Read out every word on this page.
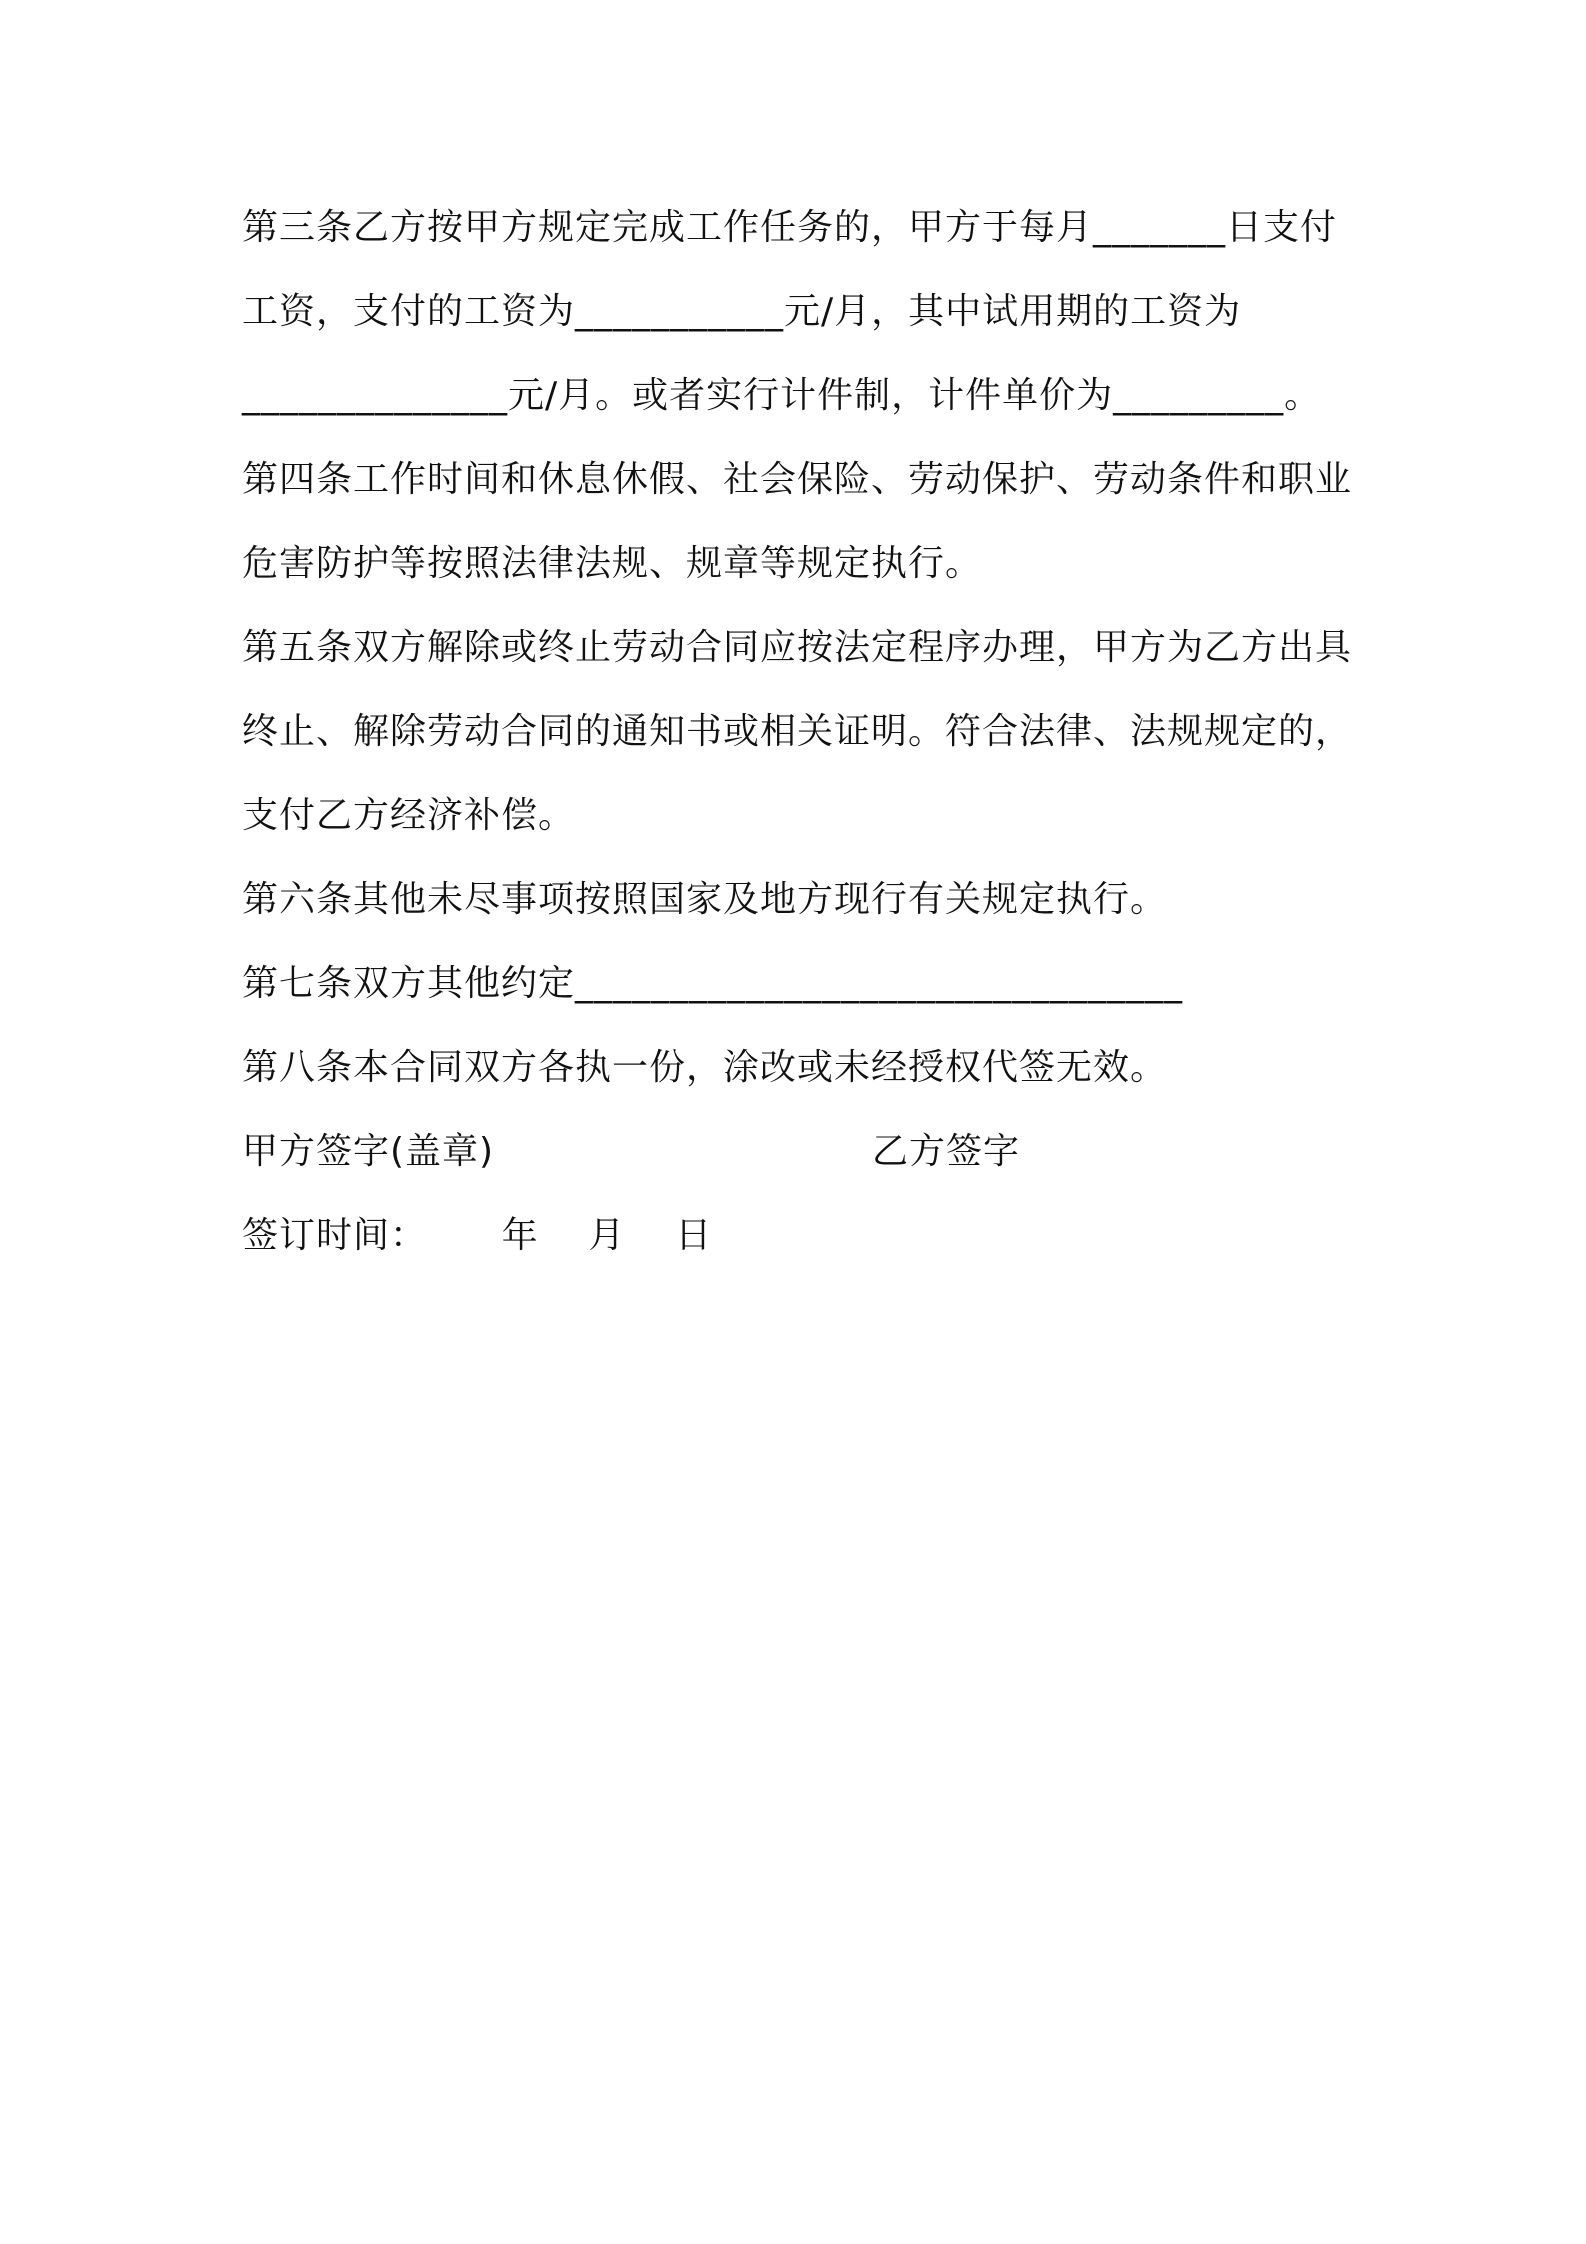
第三条乙方按甲方规定完成工作任务的，甲方于每月_______日支付
工资，支付的工资为___________元/月，其中试用期的工资为
______________元/月。或者实行计件制，计件单价为_________。
第四条工作时间和休息休假、社会保险、劳动保护、劳动条件和职业
危害防护等按照法律法规、规章等规定执行。
第五条双方解除或终止劳动合同应按法定程序办理，甲方为乙方出具
终止、解除劳动合同的通知书或相关证明。符合法律、法规规定的，
支付乙方经济补偿。
第六条其他未尽事项按照国家及地方现行有关规定执行。
第七条双方其他约定________________________________
第八条本合同双方各执一份，涂改或未经授权代签无效。
甲方签字(盖章)	乙方签字
签订时间：      年    月    日
